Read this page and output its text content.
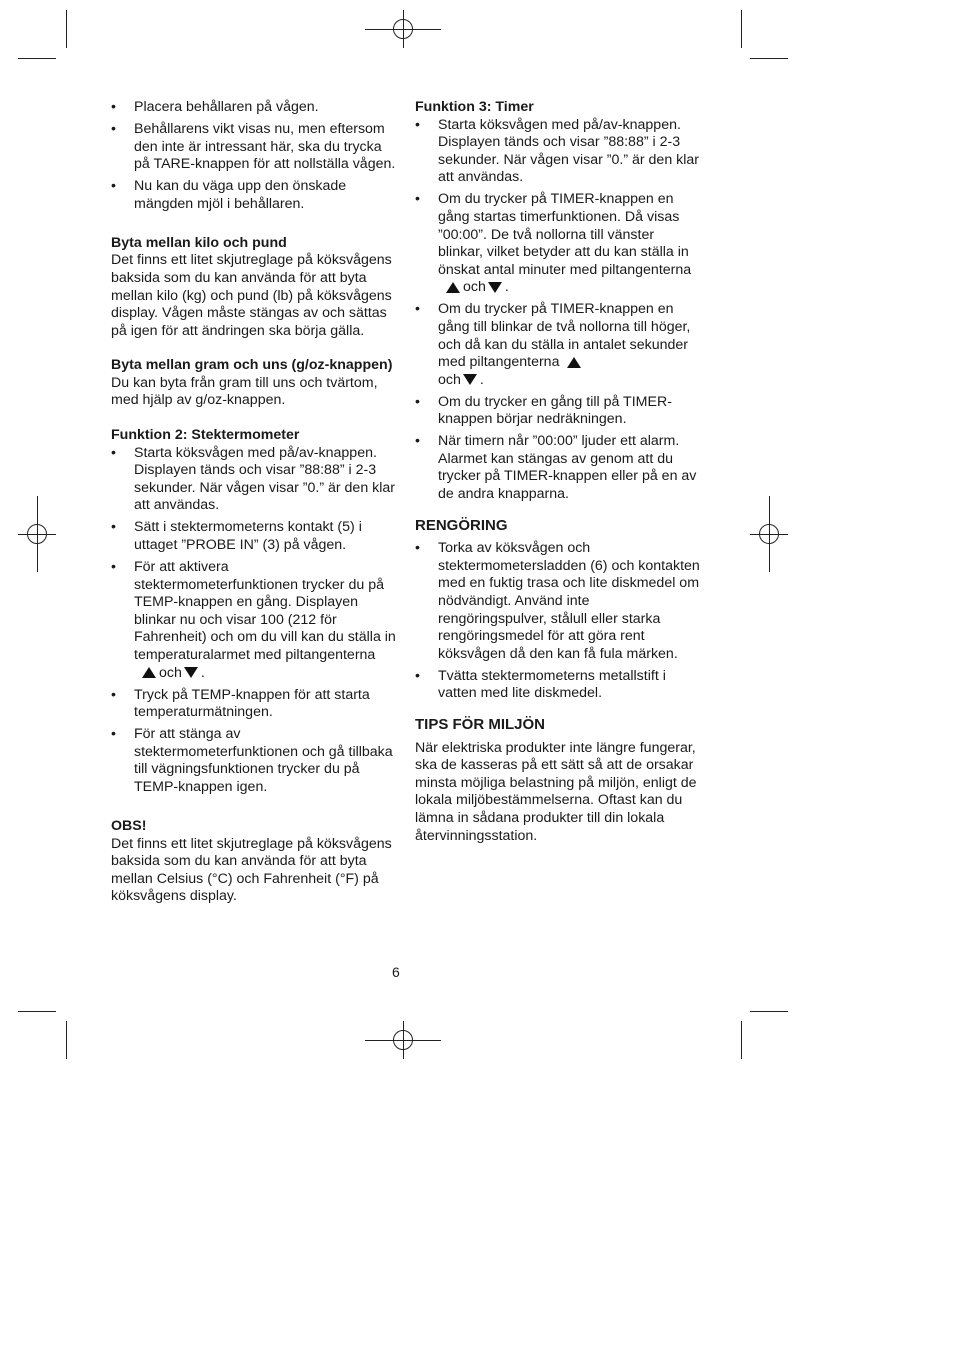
• Placera behållaren på vågen.
• Behållarens vikt visas nu, men eftersom den inte är intressant här, ska du trycka på TARE-knappen för att nollställa vågen.
• Nu kan du väga upp den önskade mängden mjöl i behållaren.
Byta mellan kilo och pund

Det finns ett litet skjutreglage på köksvågens baksida som du kan använda för att byta mellan kilo (kg) och pund (lb) på köksvågens display. Vågen måste stängas av och sättas på igen för att ändringen ska börja gälla.

Byta mellan gram och uns (g/oz-knappen)

Du kan byta från gram till uns och tvärtom, med hjälp av g/oz-knappen.

Funktion 2: Stektermometer
• Starta köksvågen med på/av-knappen. Displayen tänds och visar ”88:88” i 2-3 sekunder. När vågen visar ”0.” är den klar att användas.
• Sätt i stektermometerns kontakt (5) i uttaget ”PROBE IN” (3) på vågen.
• För att aktivera stektermometerfunktionen trycker du på TEMP-knappen en gång. Displayen blinkar nu och visar 100 (212 för Fahrenheit) och om du vill kan du ställa in temperaturalarmet med piltangenternaoch .
• Tryck på TEMP-knappen för att starta temperaturmätningen.
• För att stänga av stektermometerfunktionen och gå tillbaka till vägningsfunktionen trycker du på TEMP-knappen igen.
OBS!

Det finns ett litet skjutreglage på köksvågens baksida som du kan använda för att byta mellan Celsius (°C) och Fahrenheit (°F) på köksvågens display.

Funktion 3: Timer
• Starta köksvågen med på/av-knappen. Displayen tänds och visar ”88:88” i 2-3 sekunder. När vågen visar ”0.” är den klar att användas.
• Om du trycker på TIMER-knappen en gång startas timerfunktionen. Då visas ”00:00”. De två nollorna till vänster blinkar, vilket betyder att du kan ställa in önskat antal minuter med piltangenternaoch .
• Om du trycker på TIMER-knappen en gång till blinkar de två nollorna till höger, och då kan du ställa in antalet sekunder med piltangenterna
och .
• Om du trycker en gång till på TIMER-knappen börjar nedräkningen.
• När timern når ”00:00” ljuder ett alarm. Alarmet kan stängas av genom att du trycker på TIMER-knappen eller på en av de andra knapparna.
RENGÖRING
• Torka av köksvågen och stektermometersladden (6) och kontakten med en fuktig trasa och lite diskmedel om nödvändigt. Använd inte rengöringspulver, stålull eller starka rengöringsmedel för att göra rent köksvågen då den kan få fula märken.
• Tvätta stektermometerns metallstift i vatten med lite diskmedel.
TIPS FÖR MILJÖN

När elektriska produkter inte längre fungerar, ska de kasseras på ett sätt så att de orsakar minsta möjliga belastning på miljön, enligt de lokala miljöbestämmelserna. Oftast kan du lämna in sådana produkter till din lokala återvinningsstation.

6
